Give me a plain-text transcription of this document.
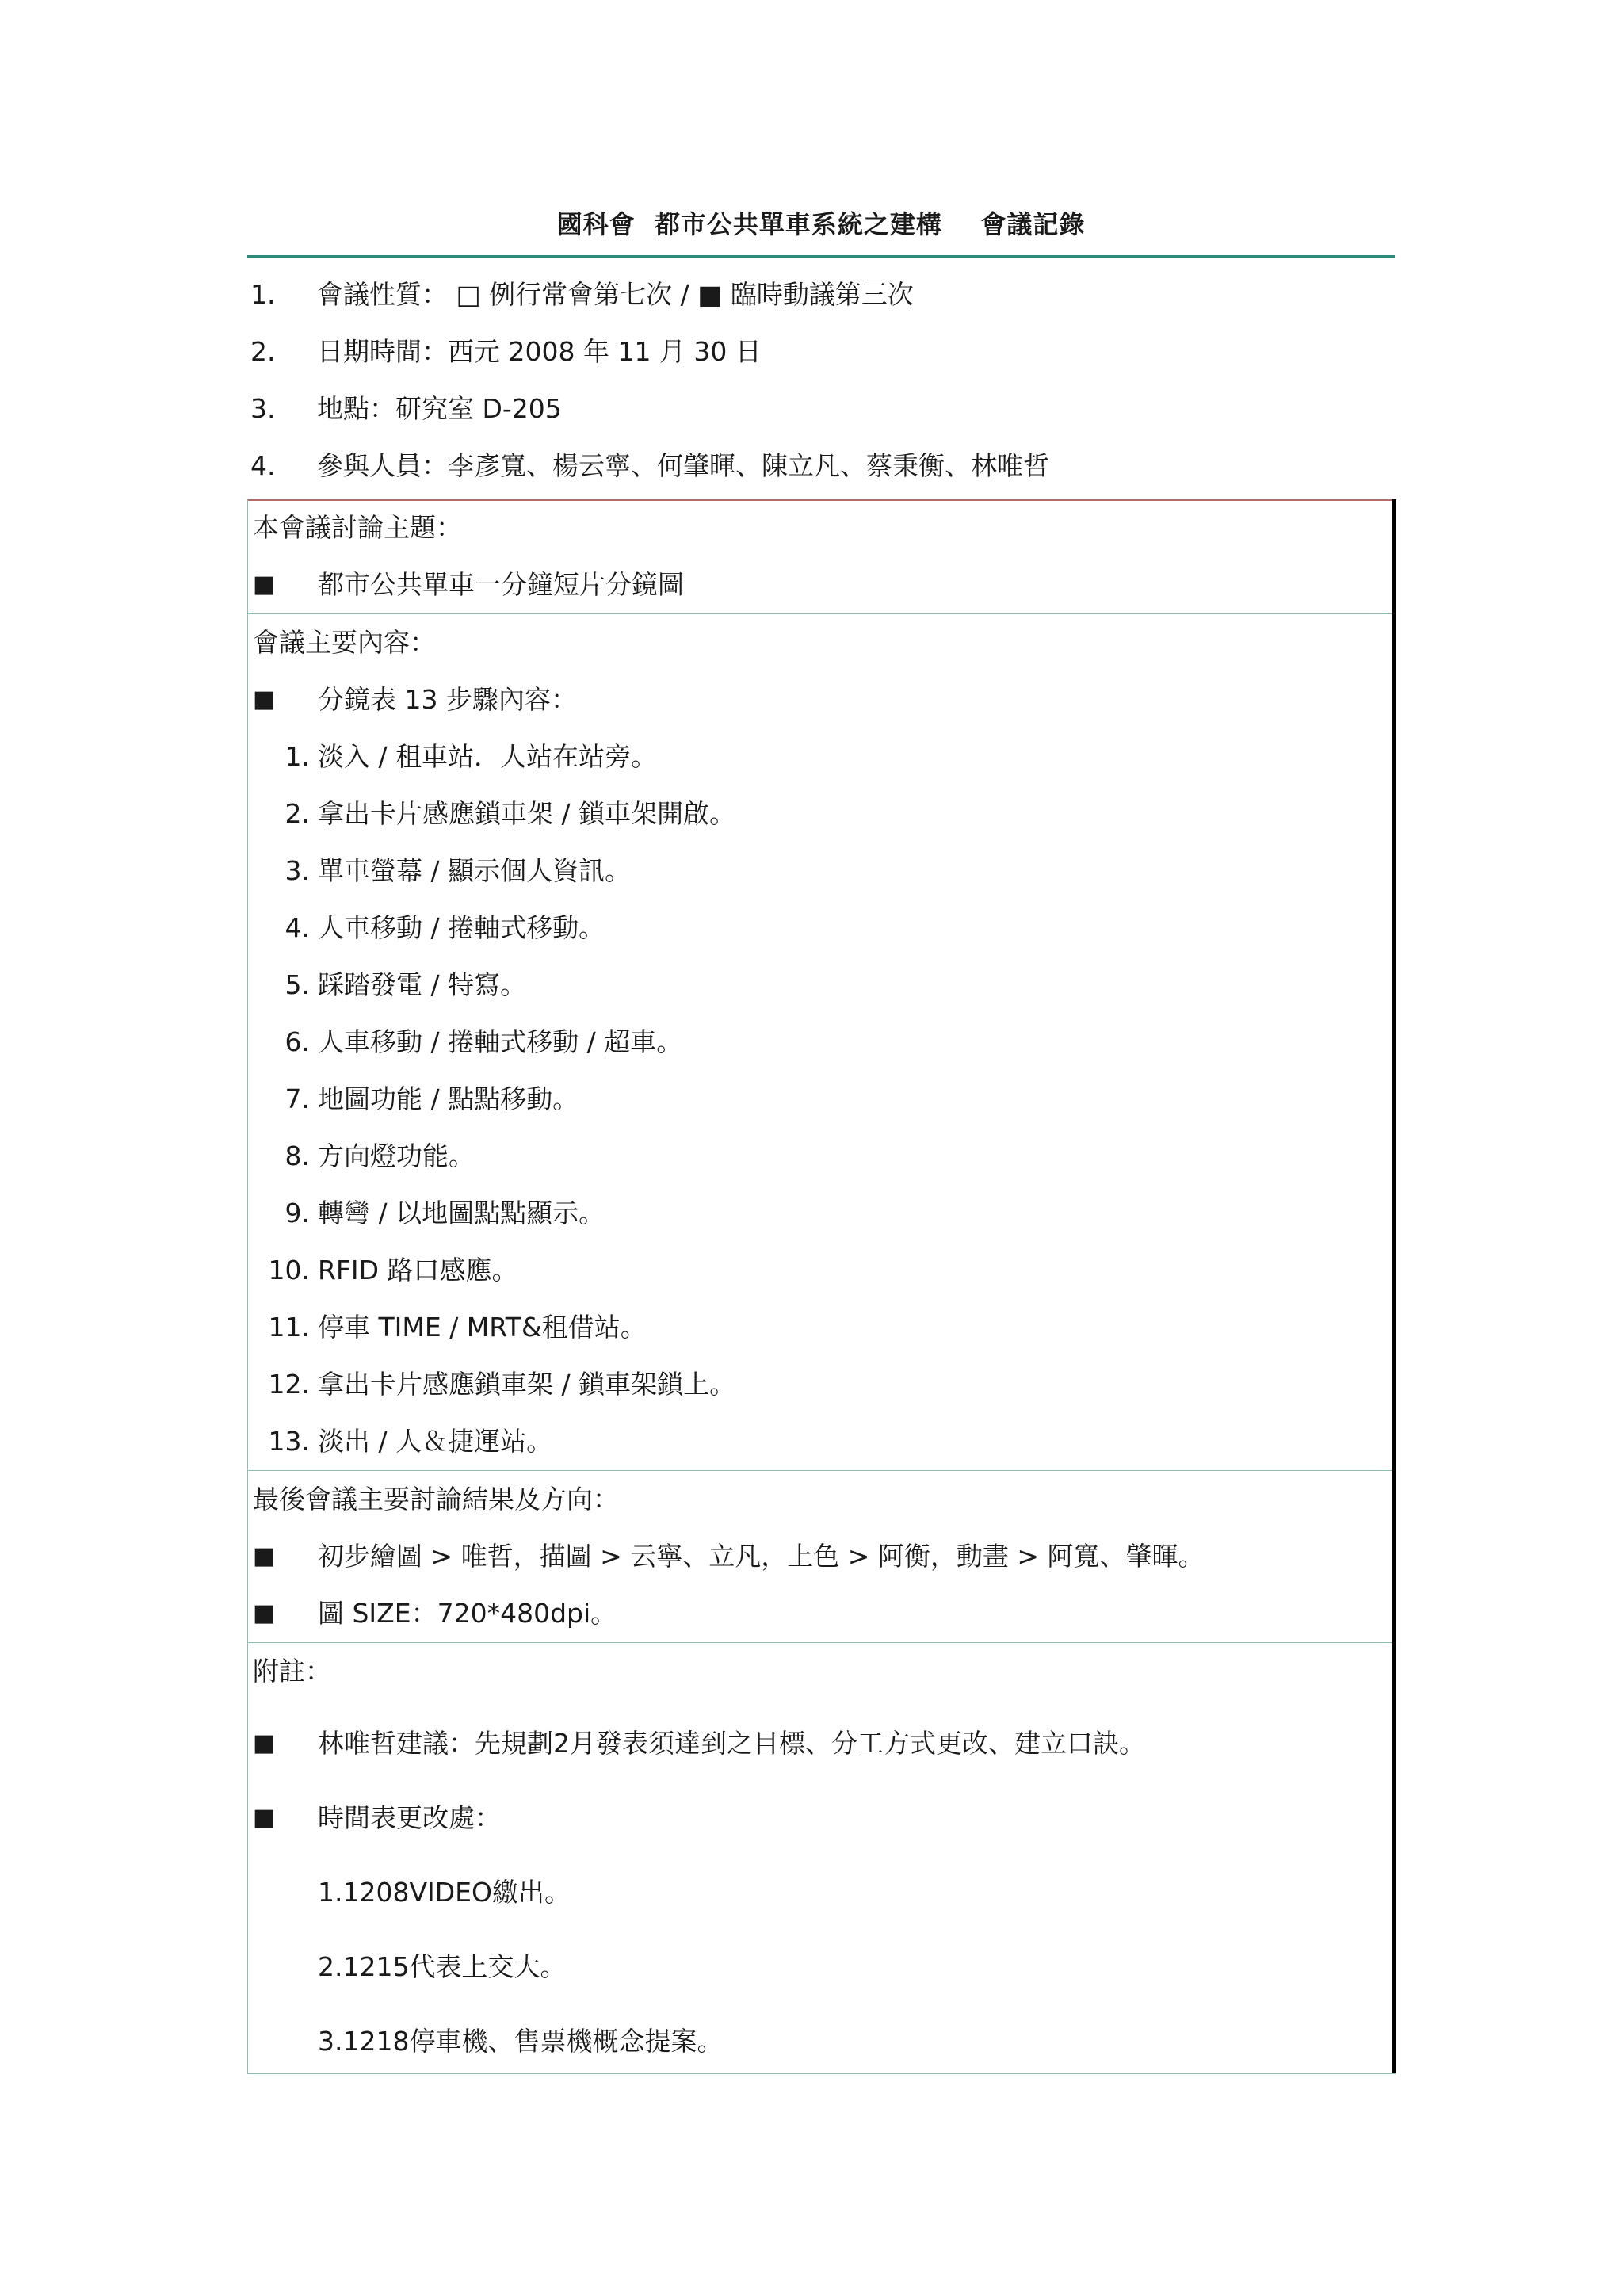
國科會  都市公共單車系統之建構    會議記錄
1. 會議性質： □ 例行常會第七次 / ■ 臨時動議第三次
2. 日期時間：西元 2008 年 11 月 30 日
3. 地點：研究室 D-205
4. 參與人員：李彥寬、楊云寧、何肇暉、陳立凡、蔡秉衡、林唯哲
本會議討論主題：
■ 都市公共單車一分鐘短片分鏡圖
會議主要內容：
■ 分鏡表 13 步驟內容：
1. 淡入 / 租車站．人站在站旁。
2. 拿出卡片感應鎖車架 / 鎖車架開啟。
3. 單車螢幕 / 顯示個人資訊。
4. 人車移動 / 捲軸式移動。
5. 踩踏發電 / 特寫。
6. 人車移動 / 捲軸式移動 / 超車。
7. 地圖功能 / 點點移動。
8. 方向燈功能。
9. 轉彎 / 以地圖點點顯示。
10. RFID 路口感應。
11. 停車 TIME / MRT&租借站。
12. 拿出卡片感應鎖車架 / 鎖車架鎖上。
13. 淡出 / 人＆捷運站。
最後會議主要討論結果及方向：
■ 初步繪圖 > 唯哲，描圖 > 云寧、立凡，上色 > 阿衡，動畫 > 阿寬、肇暉。
■ 圖 SIZE：720*480dpi。
附註：
■ 林唯哲建議：先規劃2月發表須達到之目標、分工方式更改、建立口訣。
■ 時間表更改處：
1.1208VIDEO繳出。
2.1215代表上交大。
3.1218停車機、售票機概念提案。
